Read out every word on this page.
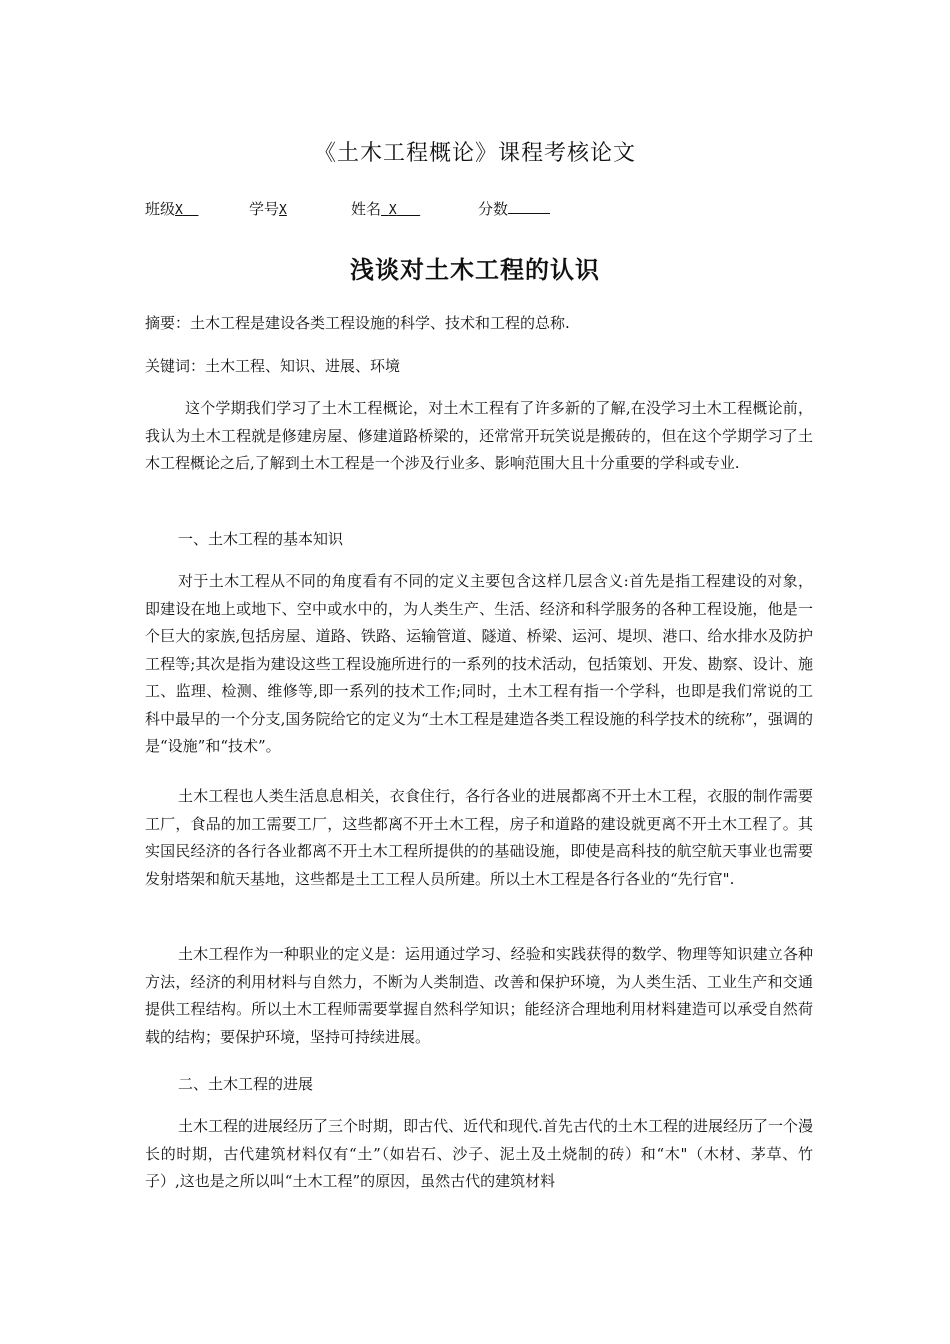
《土木工程概论》课程考核论文
班级X	学号X	姓名 X	分数
浅谈对土木工程的认识
摘要：土木工程是建设各类工程设施的科学、技术和工程的总称.
关键词：土木工程、知识、进展、环境
这个学期我们学习了土木工程概论，对土木工程有了许多新的了解,在没学习土木工程概论前，我认为土木工程就是修建房屋、修建道路桥梁的，还常常开玩笑说是搬砖的，但在这个学期学习了土木工程概论之后,了解到土木工程是一个涉及行业多、影响范围大且十分重要的学科或专业.
一、土木工程的基本知识
对于土木工程从不同的角度看有不同的定义主要包含这样几层含义:首先是指工程建设的对象，即建设在地上或地下、空中或水中的，为人类生产、生活、经济和科学服务的各种工程设施，他是一个巨大的家族,包括房屋、道路、铁路、运输管道、隧道、桥梁、运河、堤坝、港口、给水排水及防护工程等;其次是指为建设这些工程设施所进行的一系列的技术活动，包括策划、开发、勘察、设计、施工、监理、检测、维修等,即一系列的技术工作;同时，土木工程有指一个学科，也即是我们常说的工科中最早的一个分支,国务院给它的定义为“土木工程是建造各类工程设施的科学技术的统称”，强调的是“设施”和“技术”。
土木工程也人类生活息息相关，衣食住行，各行各业的进展都离不开土木工程，衣服的制作需要工厂，食品的加工需要工厂，这些都离不开土木工程，房子和道路的建设就更离不开土木工程了。其实国民经济的各行各业都离不开土木工程所提供的的基础设施，即使是高科技的航空航天事业也需要发射塔架和航天基地，这些都是土工工程人员所建。所以土木工程是各行各业的“先行官".
土木工程作为一种职业的定义是：运用通过学习、经验和实践获得的数学、物理等知识建立各种方法，经济的利用材料与自然力，不断为人类制造、改善和保护环境，为人类生活、工业生产和交通提供工程结构。所以土木工程师需要掌握自然科学知识；能经济合理地利用材料建造可以承受自然荷载的结构；要保护环境，坚持可持续进展。
二、土木工程的进展
土木工程的进展经历了三个时期，即古代、近代和现代.首先古代的土木工程的进展经历了一个漫长的时期，古代建筑材料仅有“土”（如岩石、沙子、泥土及土烧制的砖）和“木"（木材、茅草、竹子）,这也是之所以叫“土木工程”的原因，虽然古代的建筑材料
